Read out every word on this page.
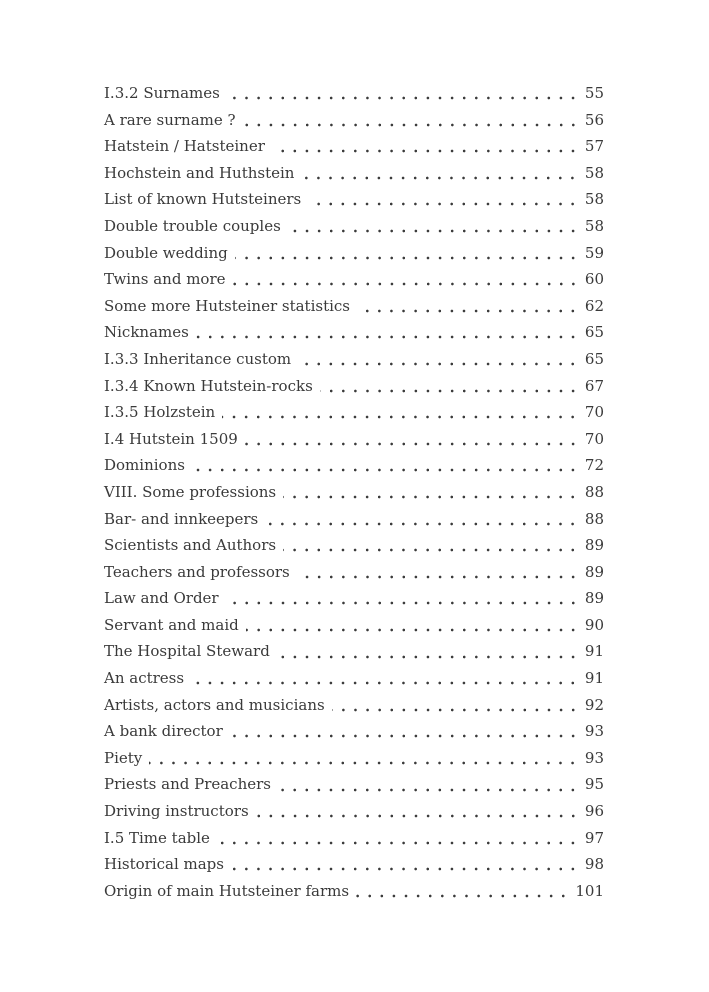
I.3.2 Surnames	55
A rare surname ?	56
Hatstein / Hatsteiner	57
Hochstein and Huthstein	58
List of known Hutsteiners	58
Double trouble couples	58
Double wedding	59
Twins and more	60
Some more Hutsteiner statistics	62
Nicknames	65
I.3.3 Inheritance custom	65
I.3.4 Known Hutstein-rocks	67
I.3.5 Holzstein	70
I.4 Hutstein 1509	70
Dominions	72
VIII. Some professions	88
Bar- and innkeepers	88
Scientists and Authors	89
Teachers and professors	89
Law and Order	89
Servant and maid	90
The Hospital Steward	91
An actress	91
Artists, actors and musicians	92
A bank director	93
Piety	93
Priests and Preachers	95
Driving instructors	96
I.5 Time table	97
Historical maps	98
Origin of main Hutsteiner farms	101
